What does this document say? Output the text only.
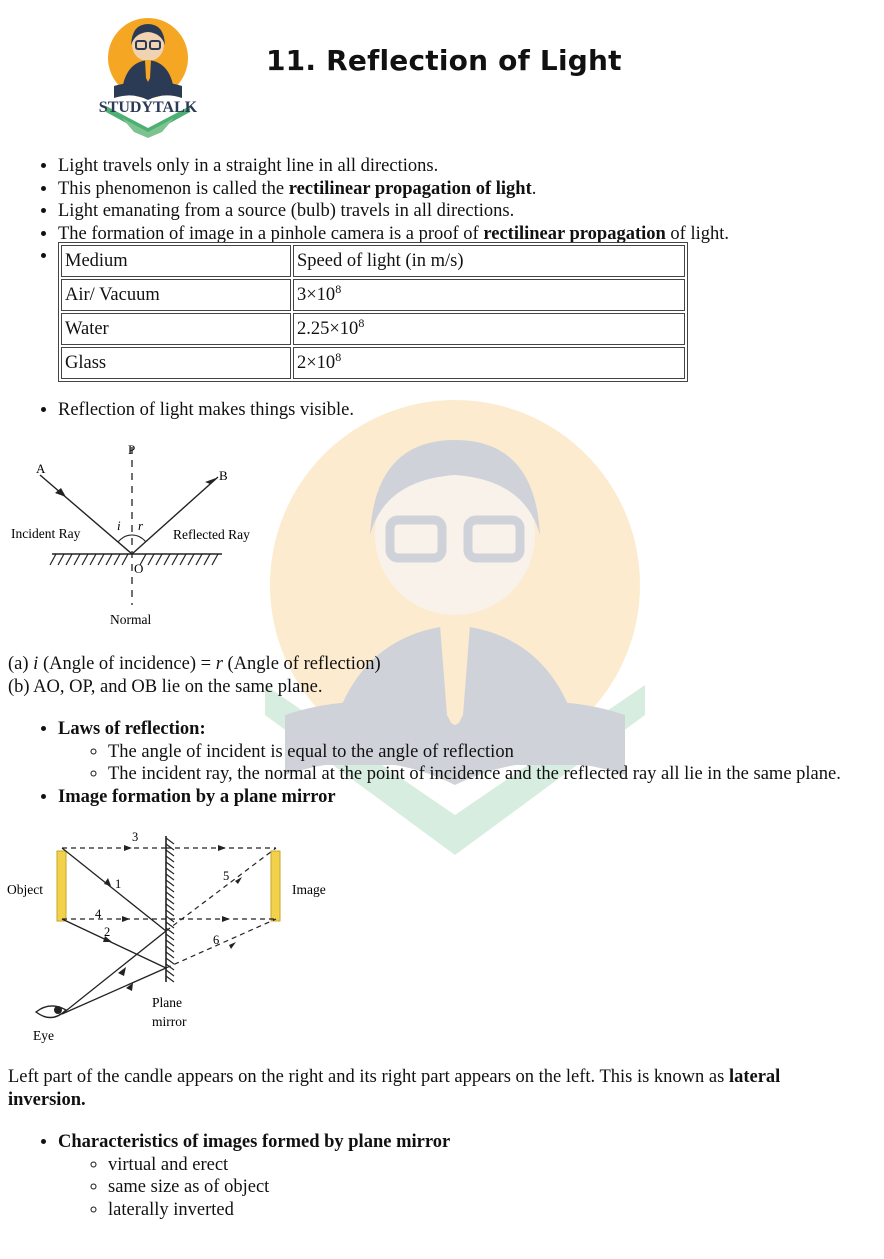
STUDYTALK
11. Reflection of Light
• Light travels only in a straight line in all directions.
• This phenomenon is called the rectilinear propagation of light.
• Light emanating from a source (bulb) travels in all directions.
• The formation of image in a pinhole camera is a proof of rectilinear propagation of light.
• Medium	Speed of light (in m/s)
Air/ Vacuum	$3\times 10^8$
Water	$2.25\times 10^8$
Glass	$2\times 10^8$
• Reflection of light makes things visible.
P
A	B
O
i r
Incident Ray	Reflected Ray
Normal

(a) i (Angle of incidence) = r (Angle of reflection)

(b) AO, OP, and OB lie on the same plane.

• Laws of reflection:
◦ The angle of incident is equal to the angle of reflection
◦ The incident ray, the normal at the point of incidence and the reflected ray all lie in the same plane.
• Image formation by a plane mirror
Object	Image
Plane
mirror
Eye
1
2
3
4
5
6

Left part of the candle appears on the right and its right part appears on the left. This is known as lateral inversion.

• Characteristics of images formed by plane mirror
◦ virtual and erect
◦ same size as of object
◦ laterally inverted
